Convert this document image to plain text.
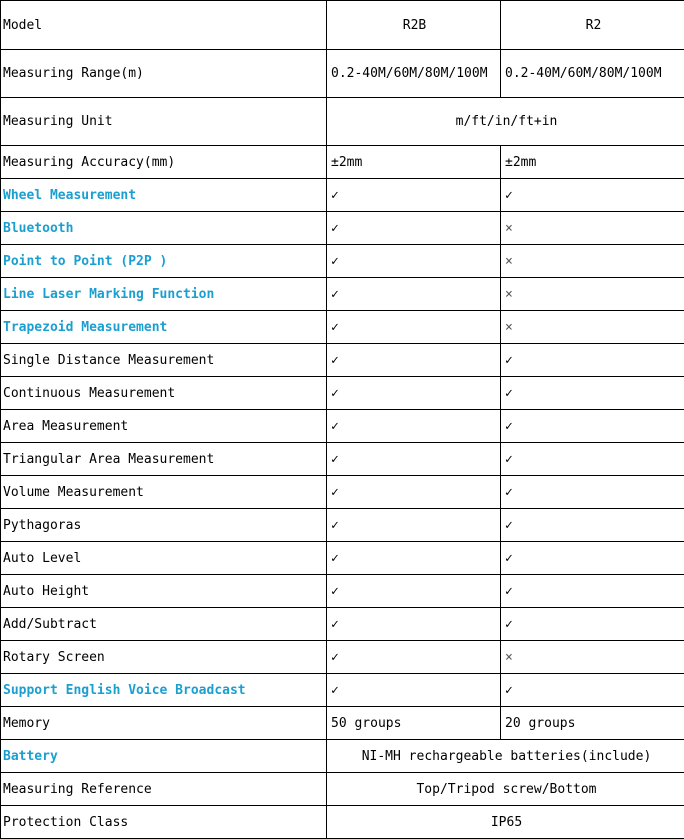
Model	R2B	R2
Measuring Range(m)	0.2-40M/60M/80M/100M	0.2-40M/60M/80M/100M
Measuring Unit	m/ft/in/ft+in	
Measuring Accuracy(mm)	±2mm	±2mm
Wheel Measurement	✓	✓
Bluetooth	✓	×
Point to Point (P2P )	✓	×
Line Laser Marking Function	✓	×
Trapezoid Measurement	✓	×
Single Distance Measurement	✓	✓
Continuous Measurement	✓	✓
Area Measurement	✓	✓
Triangular Area Measurement	✓	✓
Volume Measurement	✓	✓
Pythagoras	✓	✓
Auto Level	✓	✓
Auto Height	✓	✓
Add/Subtract	✓	✓
Rotary Screen	✓	×
Support English Voice Broadcast	✓	✓
Memory	50 groups	20 groups
Battery	NI-MH rechargeable batteries(include)	
Measuring Reference	Top/Tripod screw/Bottom	
Protection Class	IP65	
